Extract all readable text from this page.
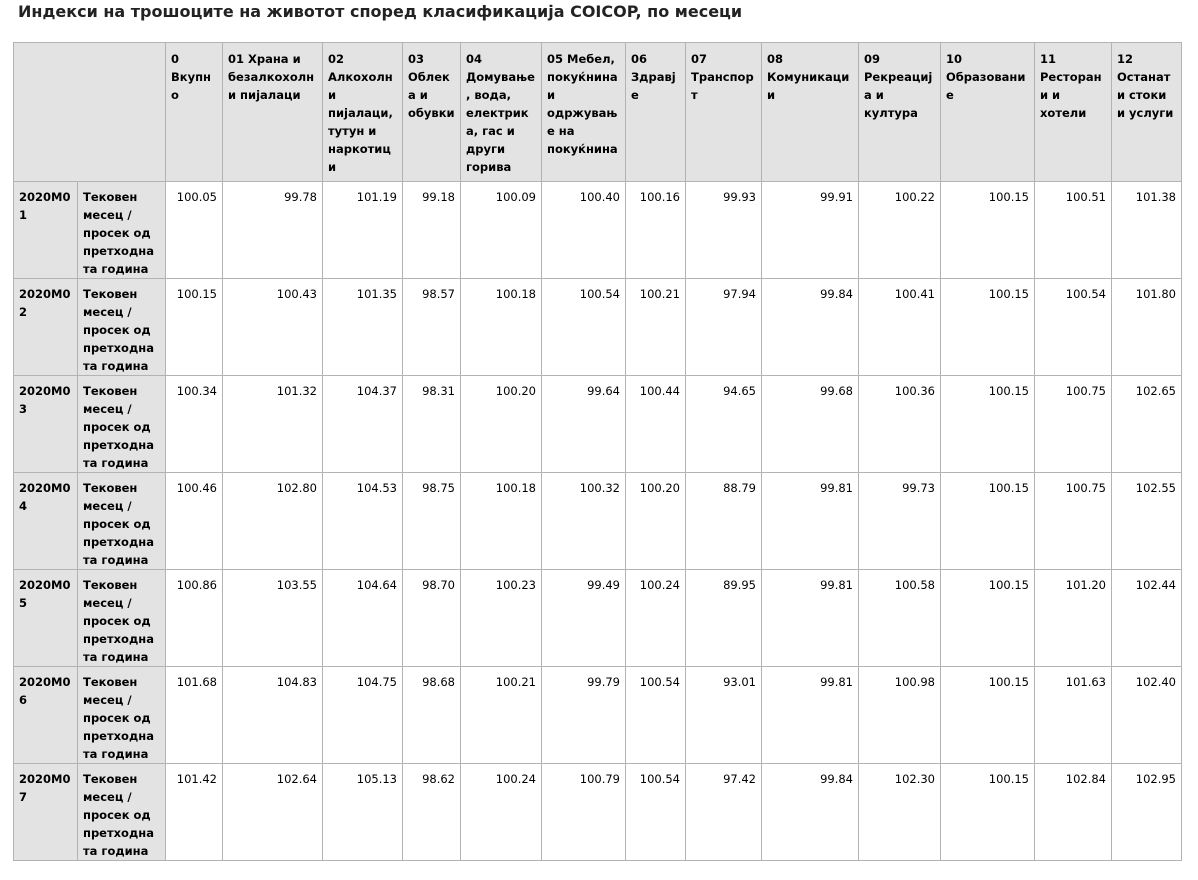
Индекси на трошоците на животот според класификација COICOP, по месеци
		0 Вкупно	01 Храна и безалкохолни пијалаци	02 Алкохолни пијалаци, тутун и наркотици	03 Облека и обувки	04 Домување, вода, електрика, гас и други горива	05 Мебел, покуќнина и одржување на покуќнина	06 Здравје	07 Транспорт	08 Комуникации	09 Рекреација и култура	10 Образование	11 Ресторани и хотели	12 Останати стоки и услуги
2020M01	Тековен месец / просек од претходната година	100.05	99.78	101.19	99.18	100.09	100.40	100.16	99.93	99.91	100.22	100.15	100.51	101.38
2020M02	Тековен месец / просек од претходната година	100.15	100.43	101.35	98.57	100.18	100.54	100.21	97.94	99.84	100.41	100.15	100.54	101.80
2020M03	Тековен месец / просек од претходната година	100.34	101.32	104.37	98.31	100.20	99.64	100.44	94.65	99.68	100.36	100.15	100.75	102.65
2020M04	Тековен месец / просек од претходната година	100.46	102.80	104.53	98.75	100.18	100.32	100.20	88.79	99.81	99.73	100.15	100.75	102.55
2020M05	Тековен месец / просек од претходната година	100.86	103.55	104.64	98.70	100.23	99.49	100.24	89.95	99.81	100.58	100.15	101.20	102.44
2020M06	Тековен месец / просек од претходната година	101.68	104.83	104.75	98.68	100.21	99.79	100.54	93.01	99.81	100.98	100.15	101.63	102.40
2020M07	Тековен месец / просек од претходната година	101.42	102.64	105.13	98.62	100.24	100.79	100.54	97.42	99.84	102.30	100.15	102.84	102.95
